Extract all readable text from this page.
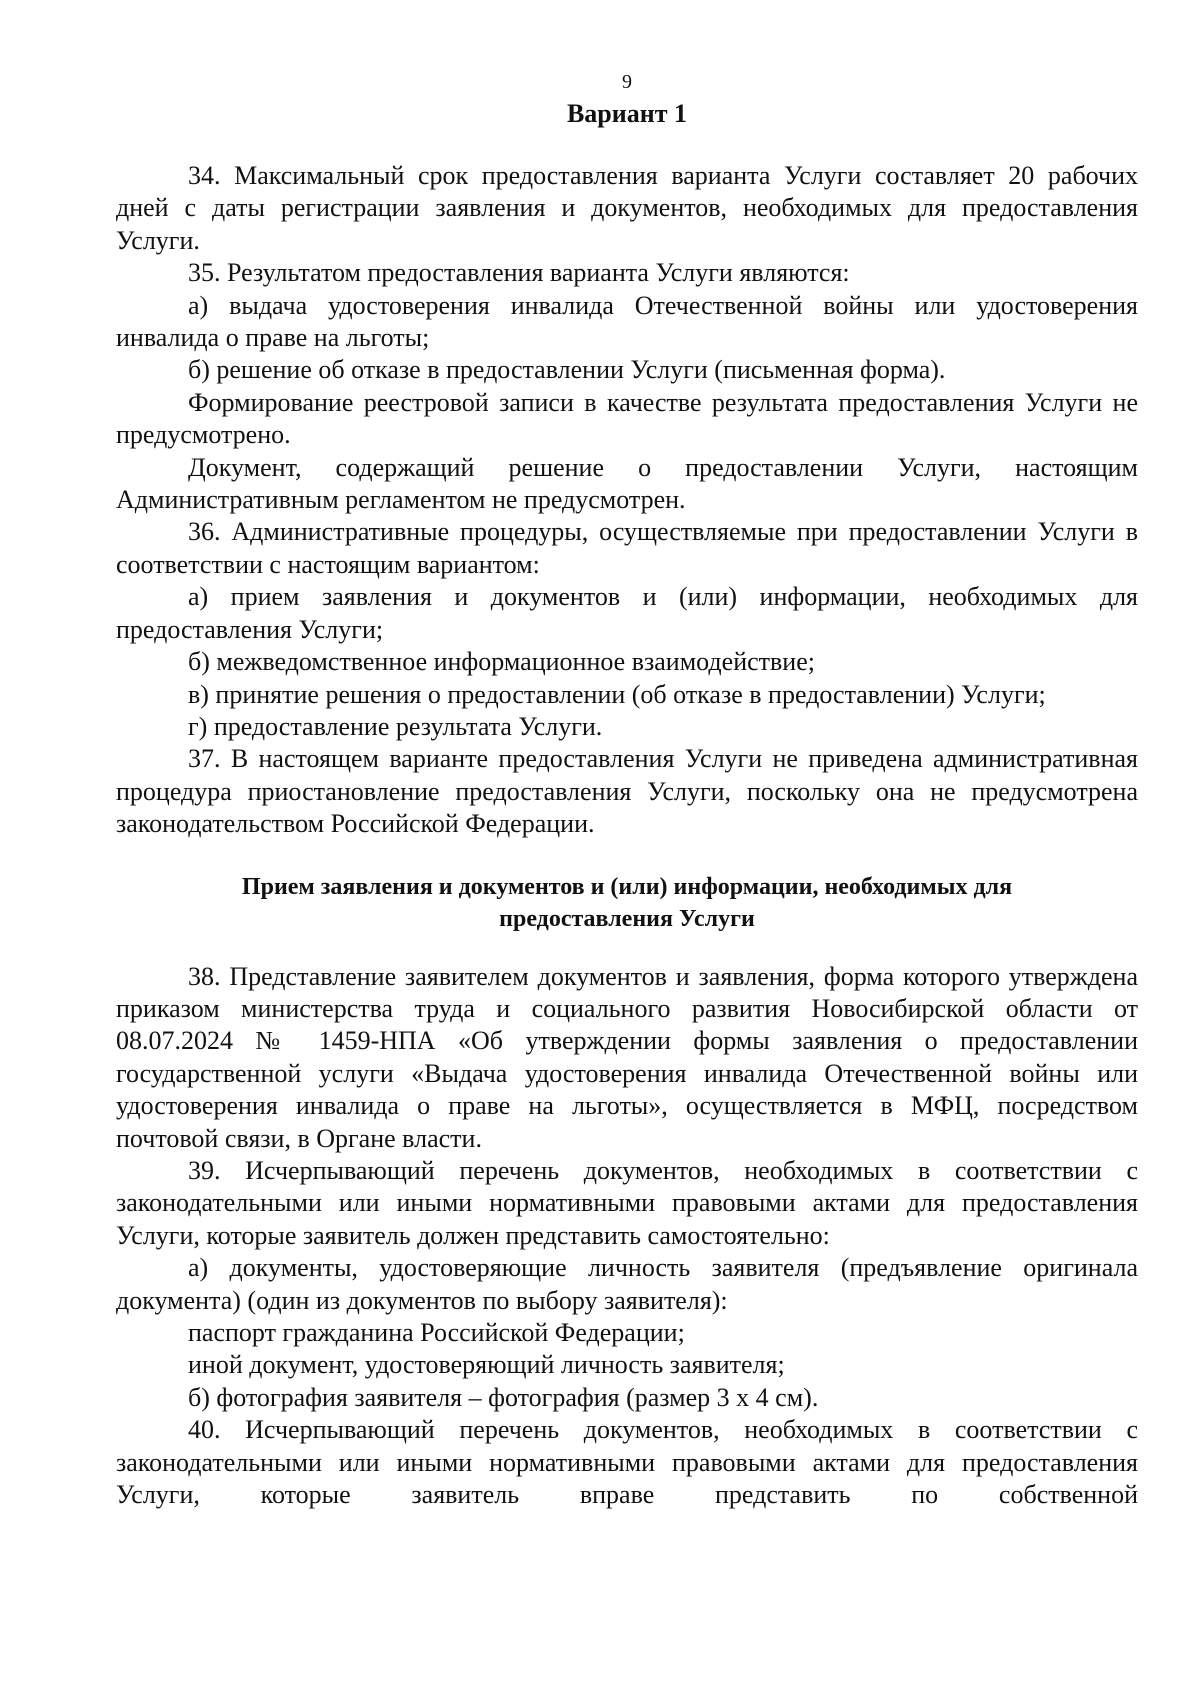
9
Вариант 1

34. Максимальный срок предоставления варианта Услуги составляет 20 рабочих дней с даты регистрации заявления и документов, необходимых для предоставления Услуги.

35. Результатом предоставления варианта Услуги являются:

а) выдача удостоверения инвалида Отечественной войны или удостоверения инвалида о праве на льготы;

б) решение об отказе в предоставлении Услуги (письменная форма).

Формирование реестровой записи в качестве результата предоставления Услуги не предусмотрено.

Документ, содержащий решение о предоставлении Услуги, настоящим Административным регламентом не предусмотрен.

36. Административные процедуры, осуществляемые при предоставлении Услуги в соответствии с настоящим вариантом:

а) прием заявления и документов и (или) информации, необходимых для предоставления Услуги;

б) межведомственное информационное взаимодействие;

в) принятие решения о предоставлении (об отказе в предоставлении) Услуги;

г) предоставление результата Услуги.

37. В настоящем варианте предоставления Услуги не приведена административная процедура приостановление предоставления Услуги, поскольку она не предусмотрена законодательством Российской Федерации.

Прием заявления и документов и (или) информации, необходимых для предоставления Услуги

38. Представление заявителем документов и заявления, форма которого утверждена приказом министерства труда и социального развития Новосибирской области от 08.07.2024 № 1459-НПА «Об утверждении формы заявления о предоставлении государственной услуги «Выдача удостоверения инвалида Отечественной войны или удостоверения инвалида о праве на льготы», осуществляется в МФЦ, посредством почтовой связи, в Органе власти.

39. Исчерпывающий перечень документов, необходимых в соответствии с законодательными или иными нормативными правовыми актами для предоставления Услуги, которые заявитель должен представить самостоятельно:

а) документы, удостоверяющие личность заявителя (предъявление оригинала документа) (один из документов по выбору заявителя):

паспорт гражданина Российской Федерации;

иной документ, удостоверяющий личность заявителя;

б) фотография заявителя – фотография (размер 3 х 4 см).

40. Исчерпывающий перечень документов, необходимых в соответствии с законодательными или иными нормативными правовыми актами для предоставления Услуги, которые заявитель вправе представить по собственной
